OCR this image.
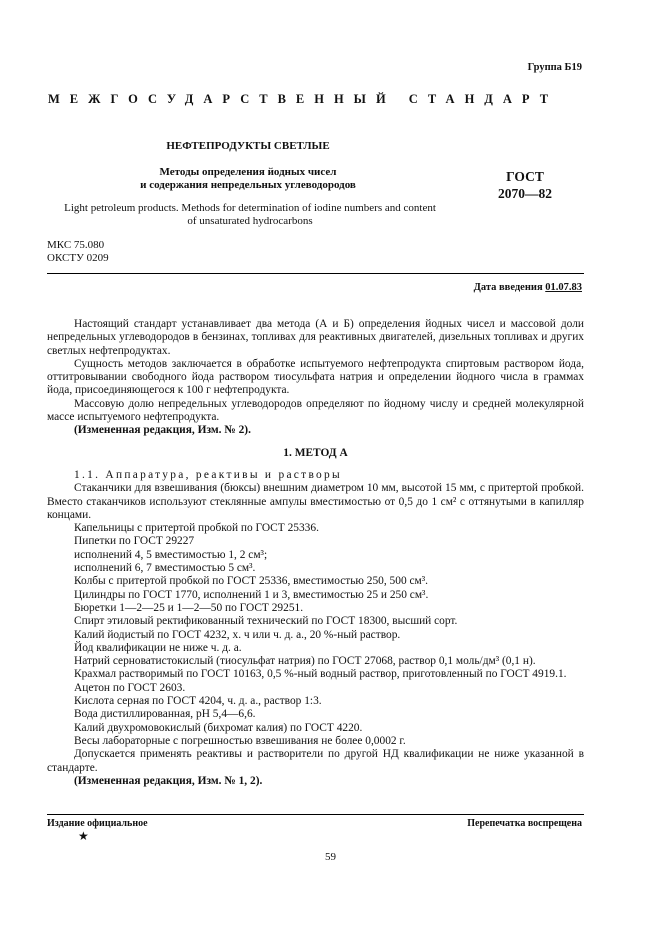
Группа Б19
МЕЖГОСУДАРСТВЕННЫЙ СТАНДАРТ
НЕФТЕПРОДУКТЫ СВЕТЛЫЕ
Методы определения йодных чисел
и содержания непредельных углеводородов
ГОСТ
2070—82
Light petroleum products. Methods for determination of iodine numbers and content
of unsaturated hydrocarbons
МКС 75.080
ОКСТУ 0209
Дата введения 01.07.83

Настоящий стандарт устанавливает два метода (А и Б) определения йодных чисел и массовой доли непредельных углеводородов в бензинах, топливах для реактивных двигателей, дизельных топливах и других светлых нефтепродуктах.

Сущность методов заключается в обработке испытуемого нефтепродукта спиртовым раствором йода, оттитровывании свободного йода раствором тиосульфата натрия и определении йодного числа в граммах йода, присоединяющегося к 100 г нефтепродукта.

Массовую долю непредельных углеводородов определяют по йодному числу и средней молекулярной массе испытуемого нефтепродукта.

(Измененная редакция, Изм. № 2).

1. МЕТОД А

1.1. Аппаратура, реактивы и растворы

Стаканчики для взвешивания (бюксы) внешним диаметром 10 мм, высотой 15 мм, с притертой пробкой. Вместо стаканчиков используют стеклянные ампулы вместимостью от 0,5 до 1 см² с оттянутыми в капилляр концами.

Капельницы с притертой пробкой по ГОСТ 25336.

Пипетки по ГОСТ 29227

исполнений 4, 5 вместимостью 1, 2 см³;

исполнений 6, 7 вместимостью 5 см³.

Колбы с притертой пробкой по ГОСТ 25336, вместимостью 250, 500 см³.

Цилиндры по ГОСТ 1770, исполнений 1 и 3, вместимостью 25 и 250 см³.

Бюретки 1—2—25 и 1—2—50 по ГОСТ 29251.

Спирт этиловый ректификованный технический по ГОСТ 18300, высший сорт.

Калий йодистый по ГОСТ 4232, х. ч или ч. д. а., 20 %-ный раствор.

Йод квалификации не ниже ч. д. а.

Натрий серноватистокислый (тиосульфат натрия) по ГОСТ 27068, раствор 0,1 моль/дм³ (0,1 н).

Крахмал растворимый по ГОСТ 10163, 0,5 %-ный водный раствор, приготовленный по ГОСТ 4919.1.

Ацетон по ГОСТ 2603.

Кислота серная по ГОСТ 4204, ч. д. а., раствор 1:3.

Вода дистиллированная, pH 5,4—6,6.

Калий двухромовокислый (бихромат калия) по ГОСТ 4220.

Весы лабораторные с погрешностью взвешивания не более 0,0002 г.

Допускается применять реактивы и растворители по другой НД квалификации не ниже указанной в стандарте.

(Измененная редакция, Изм. № 1, 2).

Издание официальное
★
Перепечатка воспрещена
59
